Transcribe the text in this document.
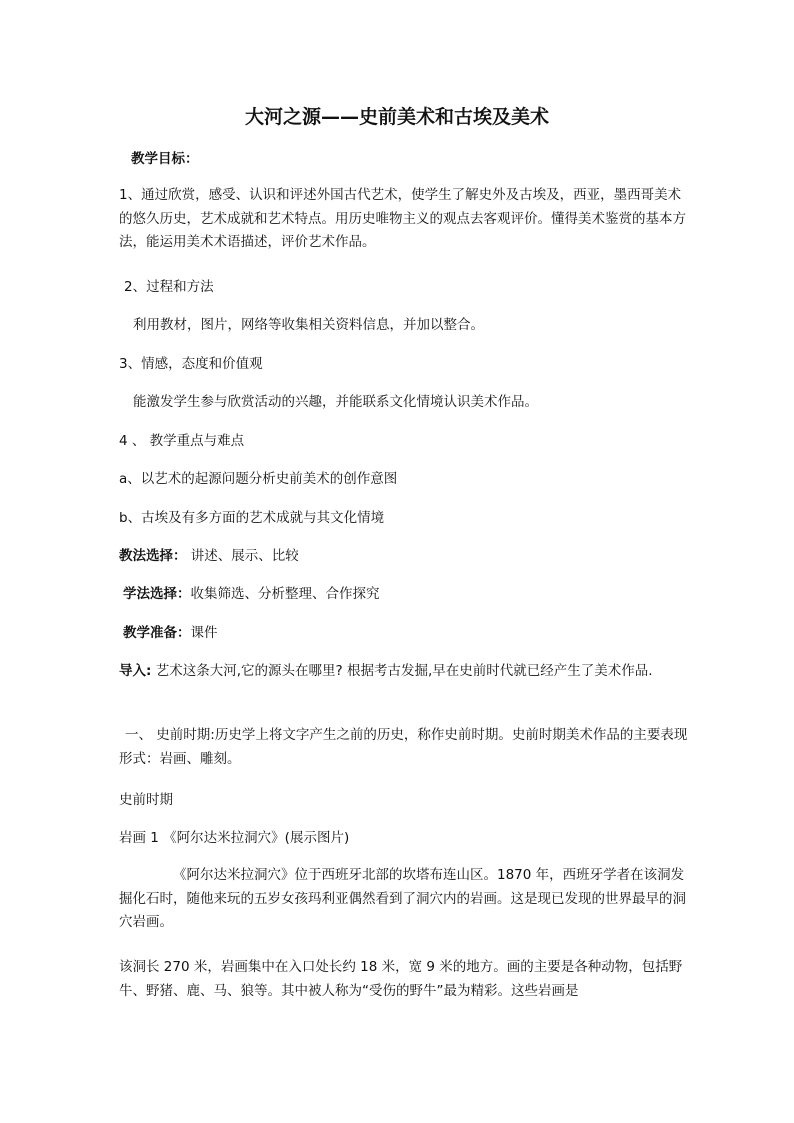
大河之源——史前美术和古埃及美术
教学目标：
1、通过欣赏，感受、认识和评述外国古代艺术，使学生了解史外及古埃及，西亚，墨西哥美术的悠久历史，艺术成就和艺术特点。用历史唯物主义的观点去客观评价。懂得美术鉴赏的基本方法，能运用美术术语描述，评价艺术作品。
2、过程和方法
利用教材，图片，网络等收集相关资料信息，并加以整合。
3、情感，态度和价值观
能激发学生参与欣赏活动的兴趣，并能联系文化情境认识美术作品。
4 、 教学重点与难点
a、以艺术的起源问题分析史前美术的创作意图
b、古埃及有多方面的艺术成就与其文化情境
教法选择： 讲述、展示、比较
学法选择：收集筛选、分析整理、合作探究
教学准备：课件
导入: 艺术这条大河,它的源头在哪里? 根据考古发掘,早在史前时代就已经产生了美术作品.
一、 史前时期:历史学上将文字产生之前的历史，称作史前时期。史前时期美术作品的主要表现形式：岩画、雕刻。
史前时期
岩画 1 《阿尔达米拉洞穴》(展示图片)
《阿尔达米拉洞穴》位于西班牙北部的坎塔布连山区。1870 年，西班牙学者在该洞发掘化石时，随他来玩的五岁女孩玛利亚偶然看到了洞穴内的岩画。这是现已发现的世界最早的洞穴岩画。
该洞长 270 米，岩画集中在入口处长约 18 米，宽 9 米的地方。画的主要是各种动物，包括野牛、野猪、鹿、马、狼等。其中被人称为“受伤的野牛”最为精彩。这些岩画是
